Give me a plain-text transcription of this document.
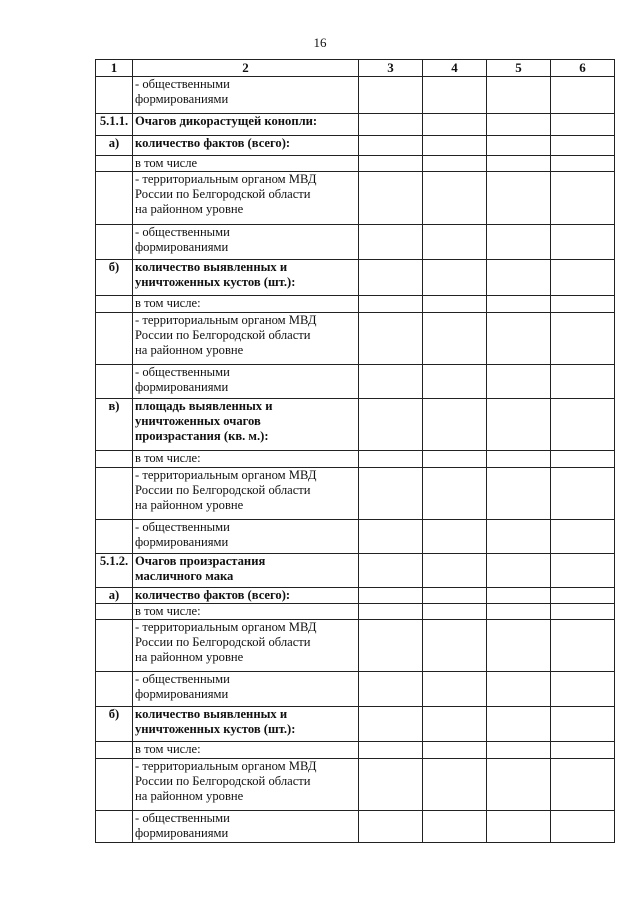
16
1	2	3	4	5	6

	- общественными
формированиями				

5.1.1.	Очагов дикорастущей конопли:				

а)	количество фактов (всего):				

	в том числе				

	- территориальным органом МВД
России по Белгородской области
на районном уровне				

	- общественными
формированиями				

б)	количество выявленных и
уничтоженных кустов (шт.):				

	в том числе:				

	- территориальным органом МВД
России по Белгородской области
на районном уровне				

	- общественными
формированиями				

в)	площадь выявленных и
уничтоженных очагов
произрастания (кв. м.):				

	в том числе:				

	- территориальным органом МВД
России по Белгородской области
на районном уровне				

	- общественными
формированиями				

5.1.2.	Очагов произрастания
масличного мака				

а)	количество фактов (всего):				

	в том числе:				

	- территориальным органом МВД
России по Белгородской области
на районном уровне				

	- общественными
формированиями				

б)	количество выявленных и
уничтоженных кустов (шт.):				

	в том числе:				

	- территориальным органом МВД
России по Белгородской области
на районном уровне				

	- общественными
формированиями				
